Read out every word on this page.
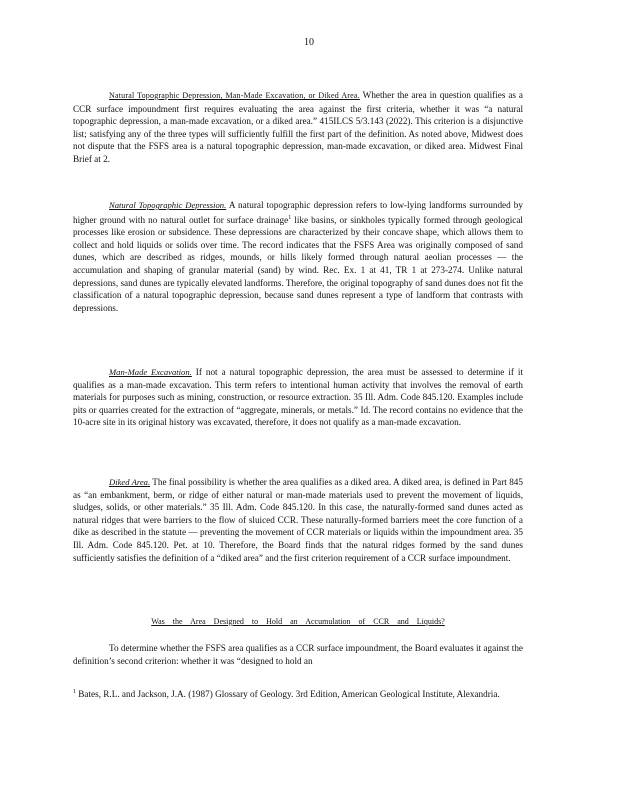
10

Natural Topographic Depression, Man-Made Excavation, or Diked Area. Whether the area in question qualifies as a CCR surface impoundment first requires evaluating the area against the first criteria, whether it was “a natural topographic depression, a man-made excavation, or a diked area.” 415ILCS 5/3.143 (2022). This criterion is a disjunctive list; satisfying any of the three types will sufficiently fulfill the first part of the definition. As noted above, Midwest does not dispute that the FSFS area is a natural topographic depression, man-made excavation, or diked area. Midwest Final Brief at 2.

Natural Topographic Depression. A natural topographic depression refers to low-lying landforms surrounded by higher ground with no natural outlet for surface drainage$^1$ like basins, or sinkholes typically formed through geological processes like erosion or subsidence. These depressions are characterized by their concave shape, which allows them to collect and hold liquids or solids over time. The record indicates that the FSFS Area was originally composed of sand dunes, which are described as ridges, mounds, or hills likely formed through natural aeolian processes — the accumulation and shaping of granular material (sand) by wind. Rec. Ex. 1 at 41, TR 1 at 273-274. Unlike natural depressions, sand dunes are typically elevated landforms. Therefore, the original topography of sand dunes does not fit the classification of a natural topographic depression, because sand dunes represent a type of landform that contrasts with depressions.

Man-Made Excavation. If not a natural topographic depression, the area must be assessed to determine if it qualifies as a man-made excavation. This term refers to intentional human activity that involves the removal of earth materials for purposes such as mining, construction, or resource extraction. 35 Ill. Adm. Code 845.120. Examples include pits or quarries created for the extraction of “aggregate, minerals, or metals.” Id. The record contains no evidence that the 10-acre site in its original history was excavated, therefore, it does not qualify as a man-made excavation.

Diked Area. The final possibility is whether the area qualifies as a diked area. A diked area, is defined in Part 845 as “an embankment, berm, or ridge of either natural or man-made materials used to prevent the movement of liquids, sludges, solids, or other materials.” 35 Ill. Adm. Code 845.120. In this case, the naturally-formed sand dunes acted as natural ridges that were barriers to the flow of sluiced CCR. These naturally-formed barriers meet the core function of a dike as described in the statute — preventing the movement of CCR materials or liquids within the impoundment area. 35 Ill. Adm. Code 845.120. Pet. at 10. Therefore, the Board finds that the natural ridges formed by the sand dunes sufficiently satisfies the definition of a “diked area” and the first criterion requirement of a CCR surface impoundment.

Was the Area Designed to Hold an Accumulation of CCR and Liquids?

To determine whether the FSFS area qualifies as a CCR surface impoundment, the Board evaluates it against the definition’s second criterion: whether it was “designed to hold an

$^1$ Bates, R.L. and Jackson, J.A. (1987) Glossary of Geology. 3rd Edition, American Geological Institute, Alexandria.
